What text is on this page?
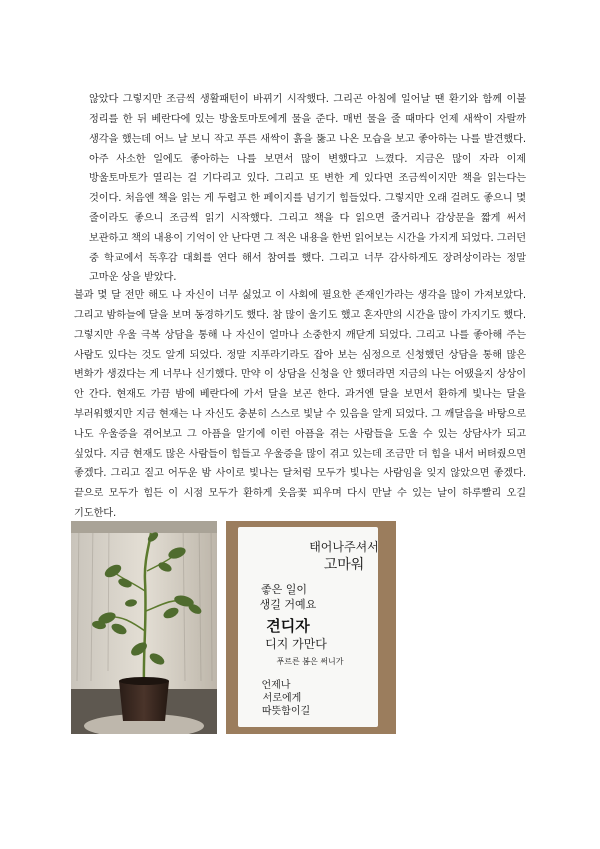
않았다 그렇지만 조금씩 생활패턴이 바뀌기 시작했다. 그리곤 아침에 일어날 땐 환기와 함께 이불 정리를 한 뒤 베란다에 있는 방울토마토에게 물을 준다. 매번 물을 줄 때마다 언제 새싹이 자랄까 생각을 했는데 어느 날 보니 작고 푸른 새싹이 흙을 뚫고 나온 모습을 보고 좋아하는 나를 발견했다. 아주 사소한 일에도 좋아하는 나를 보면서 많이 변했다고 느꼈다. 지금은 많이 자라 이제 방울토마토가 열리는 걸 기다리고 있다. 그리고 또 변한 게 있다면 조금씩이지만 책을 읽는다는 것이다. 처음엔 책을 읽는 게 두렵고 한 페이지를 넘기기 힘들었다. 그렇지만 오래 걸려도 좋으니 몇 줄이라도 좋으니 조금씩 읽기 시작했다. 그리고 책을 다 읽으면 줄거리나 감상문을 짧게 써서 보관하고 책의 내용이 기억이 안 난다면 그 적은 내용을 한번 읽어보는 시간을 가지게 되었다. 그러던 중 학교에서 독후감 대회를 연다 해서 참여를 했다. 그리고 너무 감사하게도 장려상이라는 정말 고마운 상을 받았다.

불과 몇 달 전만 해도 나 자신이 너무 싫었고 이 사회에 필요한 존재인가라는 생각을 많이 가져보았다. 그리고 밤하늘에 달을 보며 동경하기도 했다. 참 많이 울기도 했고 혼자만의 시간을 많이 가지기도 했다. 그렇지만 우울 극복 상담을 통해 나 자신이 얼마나 소중한지 깨닫게 되었다. 그리고 나를 좋아해 주는 사람도 있다는 것도 알게 되었다. 정말 지푸라기라도 잡아 보는 심정으로 신청했던 상담을 통해 많은 변화가 생겼다는 게 너무나 신기했다. 만약 이 상담을 신청을 안 했더라면 지금의 나는 어땠을지 상상이 안 간다. 현재도 가끔 밤에 베란다에 가서 달을 보곤 한다. 과거엔 달을 보면서 환하게 빛나는 달을 부러워했지만 지금 현재는 나 자신도 충분히 스스로 빛날 수 있음을 알게 되었다. 그 깨달음을 바탕으로 나도 우울증을 겪어보고 그 아픔을 알기에 이런 아픔을 겪는 사람들을 도울 수 있는 상담사가 되고 싶었다. 지금 현재도 많은 사람들이 힘들고 우울증을 많이 겪고 있는데 조금만 더 힘을 내서 버텨줬으면 좋겠다. 그리고 짙고 어두운 밤 사이로 빛나는 달처럼 모두가 빛나는 사람임을 잊지 않았으면 좋겠다. 끝으로 모두가 힘든 이 시점 모두가 환하게 웃음꽃 피우며 다시 만날 수 있는 날이 하루빨리 오길 기도한다.

태어나주셔서
고마워
좋은 일이
생길 거예요
견디자
디지 가만다
푸르른 봄은 써니가
언제나
서로에게
따뜻함이길
